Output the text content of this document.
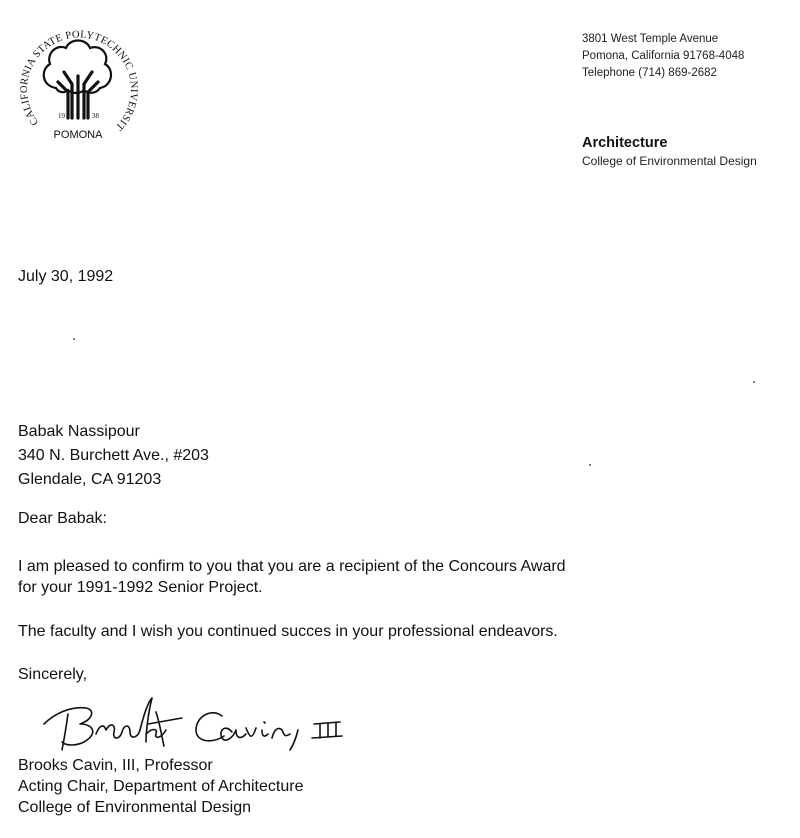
CALIFORNIA STATE POLYTECHNIC UNIVERSIT
19	38
POMONA
3801 West Temple Avenue
Pomona, California 91768-4048
Telephone (714) 869-2682
Architecture
College of Environmental Design
July 30, 1992
Babak Nassipour
340 N. Burchett Ave., #203
Glendale, CA 91203
Dear Babak:
I am pleased to confirm to you that you are a recipient of the Concours Award
for your 1991-1992 Senior Project.
The faculty and I wish you continued succes in your professional endeavors.
Sincerely,
Brooks Cavin, III, Professor
Acting Chair, Department of Architecture
College of Environmental Design
